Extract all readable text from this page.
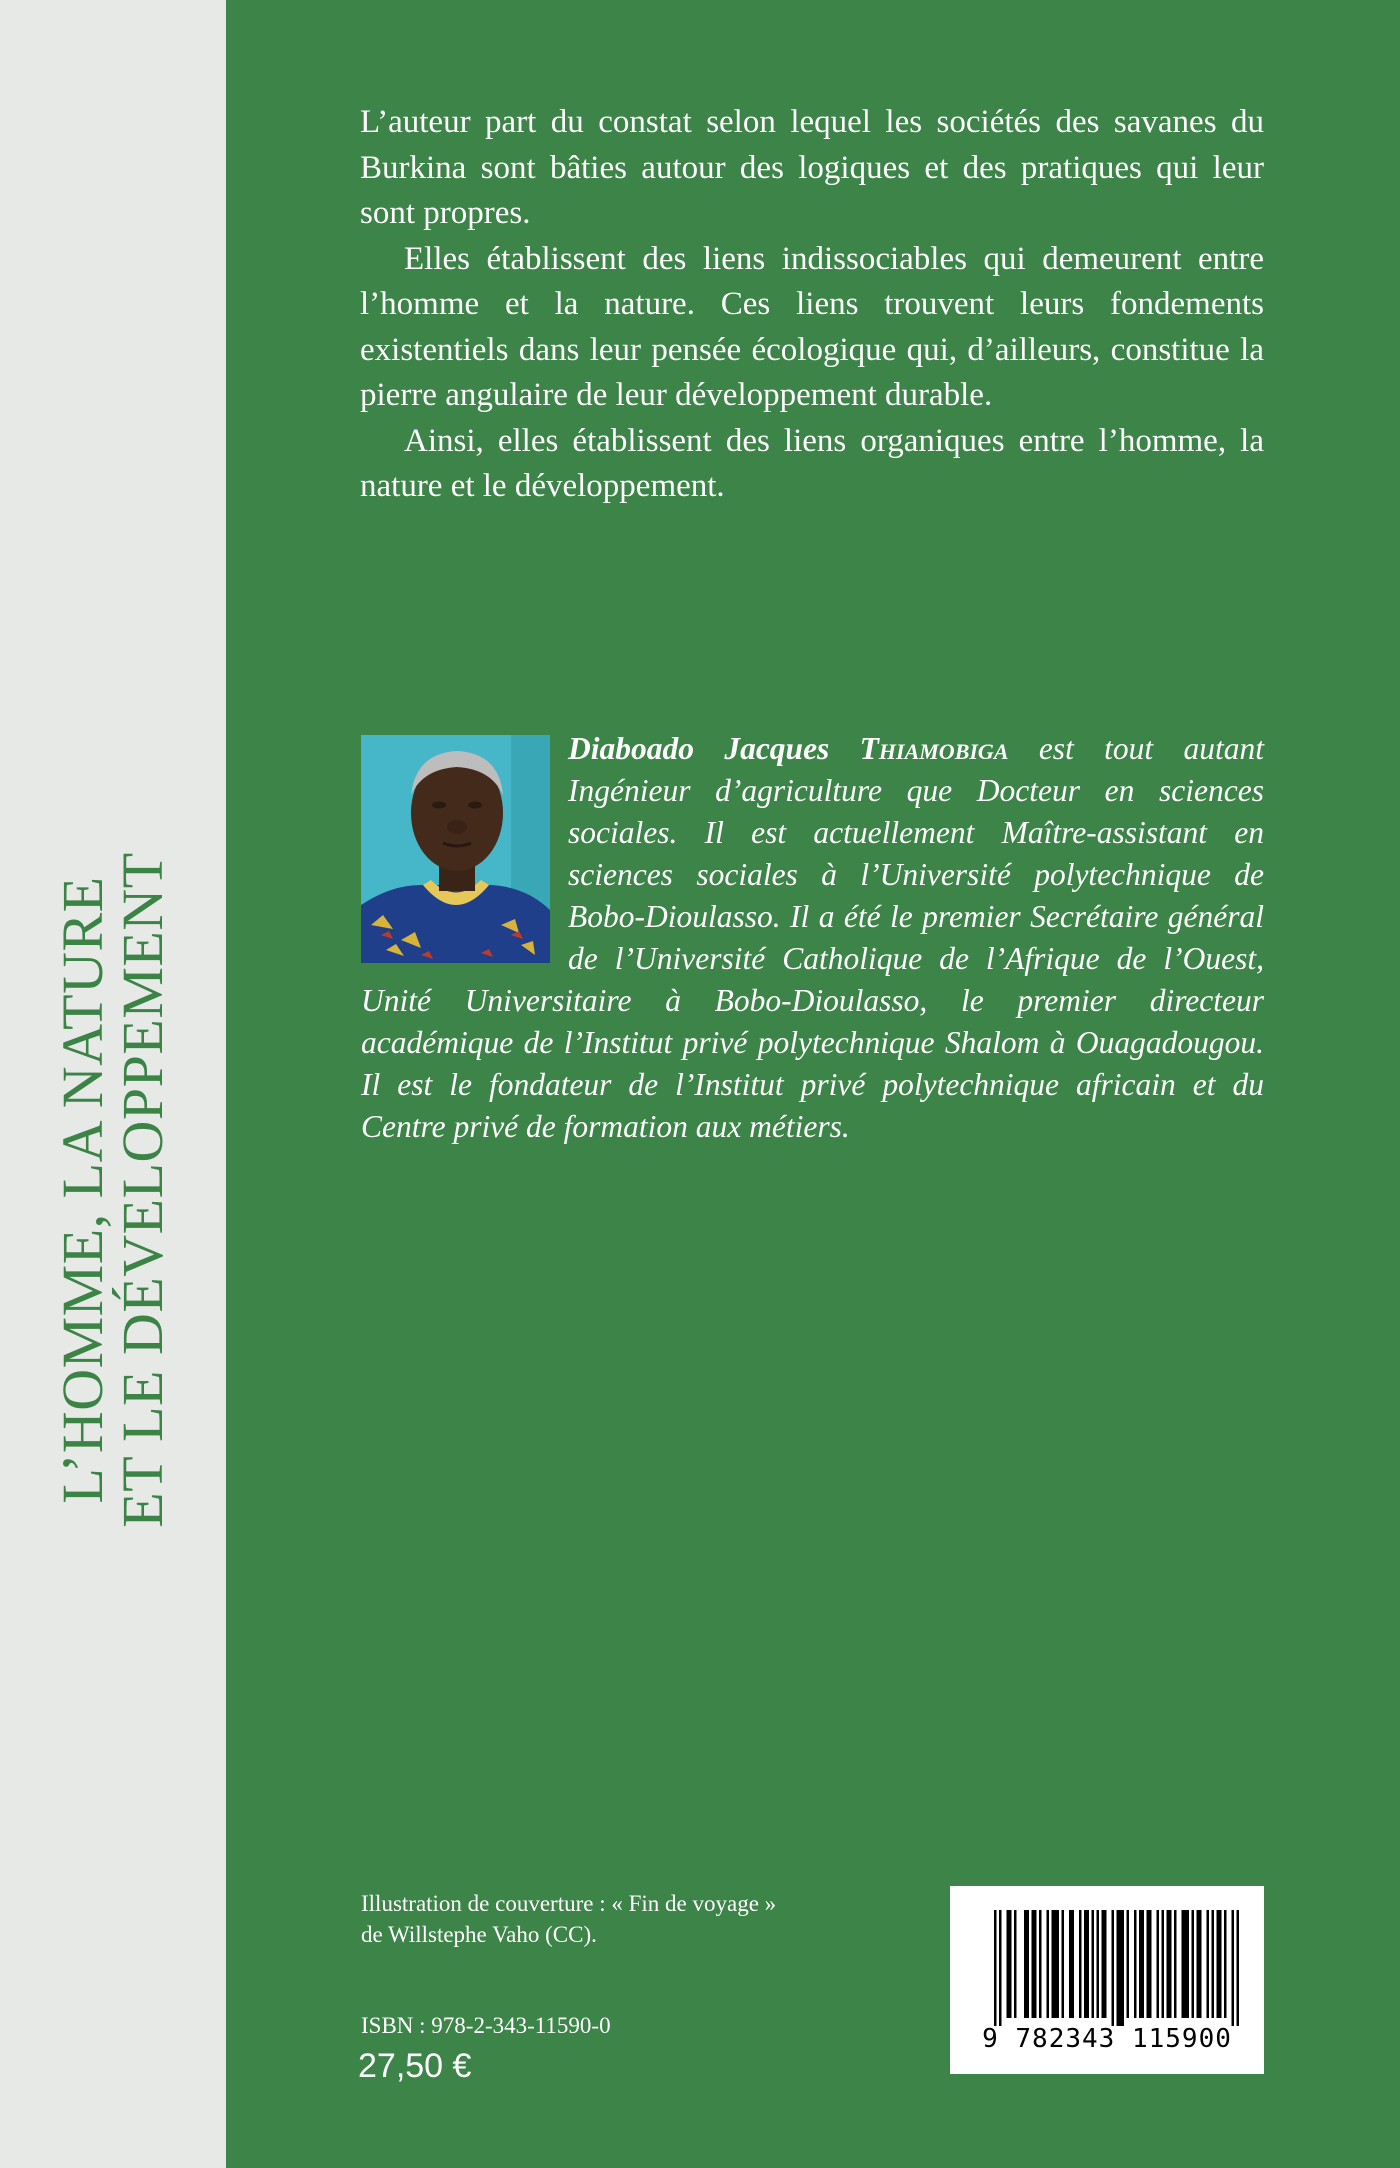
L’HOMME, LA NATURE
ET LE DÉVELOPPEMENT

L’auteur part du constat selon lequel les sociétés des savanes du Burkina sont bâties autour des logiques et des pratiques qui leur sont propres.

Elles établissent des liens indissociables qui demeurent entre l’homme et la nature. Ces liens trouvent leurs fondements existentiels dans leur pensée écologique qui, d’ailleurs, constitue la pierre angulaire de leur développement durable.

Ainsi, elles établissent des liens organiques entre l’homme, la nature et le développement.

Diaboado Jacques Thiamobiga est tout autant Ingénieur d’agriculture que Docteur en sciences sociales. Il est actuellement Maître-assistant en sciences sociales à l’Université polytechnique de Bobo-Dioulasso. Il a été le premier Secrétaire général de l’Université Catholique de l’Afrique de l’Ouest, Unité Universitaire à Bobo-Dioulasso, le premier directeur académique de l’Institut privé polytechnique Shalom à Ouagadougou. Il est le fondateur de l’Institut privé polytechnique africain et du Centre privé de formation aux métiers.
Illustration de couverture : « Fin de voyage »
de Willstephe Vaho (CC).
ISBN : 978-2-343-11590-0
27,50 €
9 782343 115900
